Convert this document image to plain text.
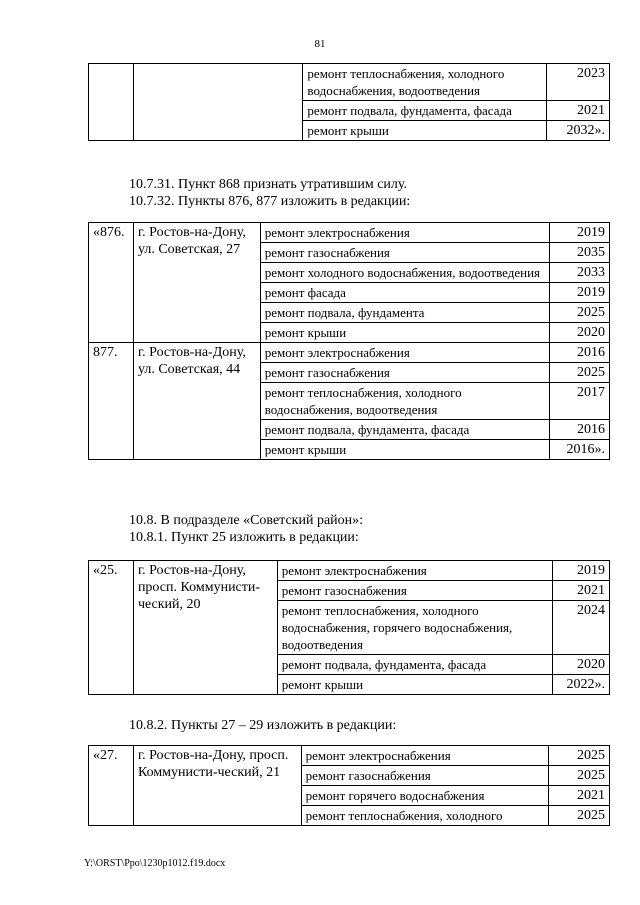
81
		ремонт теплоснабжения, холодного водоснабжения, водоотведения	2023
		ремонт подвала, фундамента, фасада	2021
		ремонт крыши	2032».
10.7.31. Пункт 868 признать утратившим силу.
10.7.32. Пункты 876, 877 изложить в редакции:
«876.	г. Ростов-на-Дону, ул. Советская, 27	ремонт электроснабжения	2019
		ремонт газоснабжения	2035
		ремонт холодного водоснабжения, водоотведения	2033
		ремонт фасада	2019
		ремонт подвала, фундамента	2025
		ремонт крыши	2020
877.	г. Ростов-на-Дону, ул. Советская, 44	ремонт электроснабжения	2016
		ремонт газоснабжения	2025
		ремонт теплоснабжения, холодного водоснабжения, водоотведения	2017
		ремонт подвала, фундамента, фасада	2016
		ремонт крыши	2016».
10.8. В подразделе «Советский район»:
10.8.1. Пункт 25 изложить в редакции:
«25.	г. Ростов-на-Дону, просп. Коммунисти-ческий, 20	ремонт электроснабжения	2019
		ремонт газоснабжения	2021
		ремонт теплоснабжения, холодного водоснабжения, горячего водоснабжения, водоотведения	2024
		ремонт подвала, фундамента, фасада	2020
		ремонт крыши	2022».
10.8.2. Пункты 27 – 29 изложить в редакции:
«27.	г. Ростов-на-Дону, просп. Коммунисти-ческий, 21	ремонт электроснабжения	2025
		ремонт газоснабжения	2025
		ремонт горячего водоснабжения	2021
		ремонт теплоснабжения, холодного	2025
Y:\ORST\Ppo\1230p1012.f19.docx
